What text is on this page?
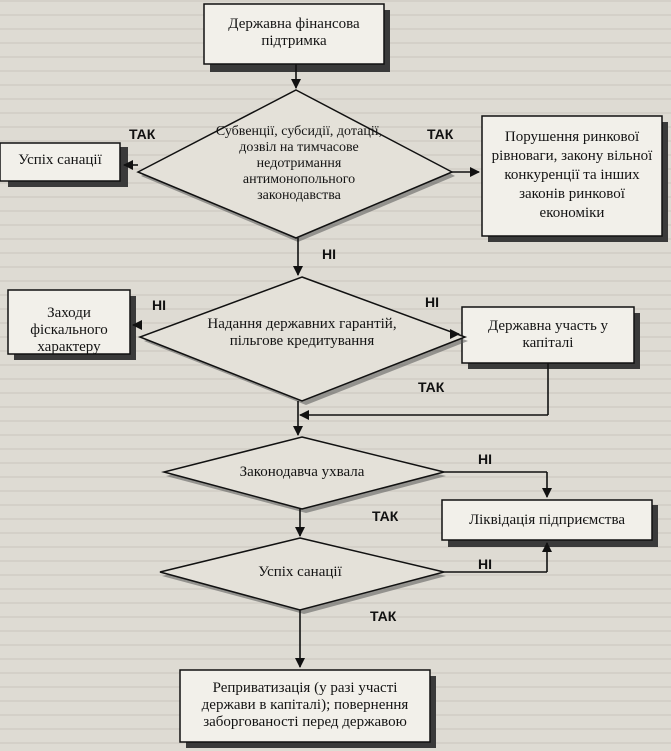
Державна фінансова підтримка
Субвенції, субсидії, дотації, дозвіл на тимчасове недотримання антимонопольного законодавства
Успіх санації
Порушення ринкової рівноваги, закону вільної конкуренції та інших законів ринкової економіки
Надання державних гарантій, пільгове кредитування
Заходи фіскального характеру
Державна участь у капіталі
Законодавча ухвала
Ліквідація підприємства
Успіх санації
Реприватизація (у разі участі держави в капіталі); повернення заборгованості перед державою
ТАК	ТАК
НІ
НІ	НІ
ТАК
НІ
ТАК
НІ
ТАК
